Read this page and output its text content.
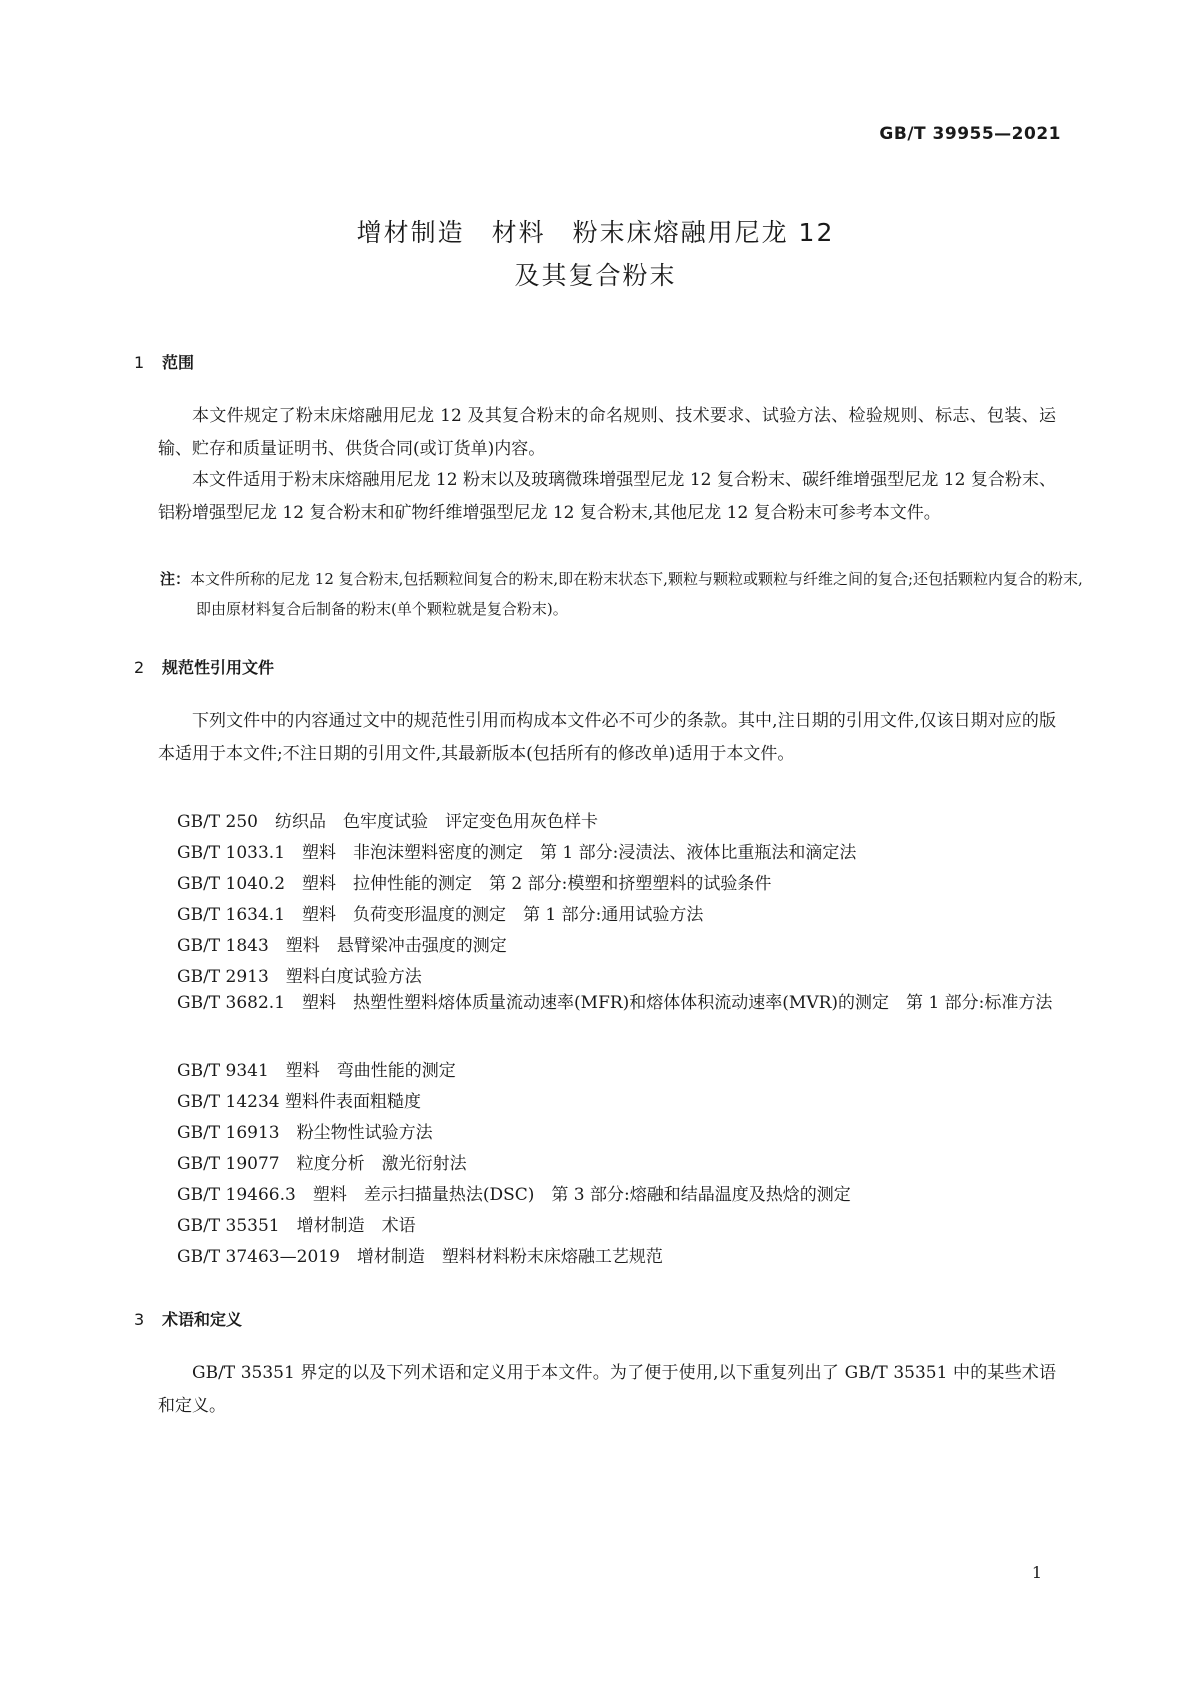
GB/T 39955—2021
增材制造　材料　粉末床熔融用尼龙 12
及其复合粉末
1 范围
本文件规定了粉末床熔融用尼龙 12 及其复合粉末的命名规则、技术要求、试验方法、检验规则、标志、包装、运输、贮存和质量证明书、供货合同(或订货单)内容。
本文件适用于粉末床熔融用尼龙 12 粉末以及玻璃微珠增强型尼龙 12 复合粉末、碳纤维增强型尼龙 12 复合粉末、铝粉增强型尼龙 12 复合粉末和矿物纤维增强型尼龙 12 复合粉末,其他尼龙 12 复合粉末可参考本文件。
注：本文件所称的尼龙 12 复合粉末,包括颗粒间复合的粉末,即在粉末状态下,颗粒与颗粒或颗粒与纤维之间的复合;还包括颗粒内复合的粉末,即由原材料复合后制备的粉末(单个颗粒就是复合粉末)。
2 规范性引用文件
下列文件中的内容通过文中的规范性引用而构成本文件必不可少的条款。其中,注日期的引用文件,仅该日期对应的版本适用于本文件;不注日期的引用文件,其最新版本(包括所有的修改单)适用于本文件。
GB/T 250　纺织品　色牢度试验　评定变色用灰色样卡
GB/T 1033.1　塑料　非泡沫塑料密度的测定　第 1 部分:浸渍法、液体比重瓶法和滴定法
GB/T 1040.2　塑料　拉伸性能的测定　第 2 部分:模塑和挤塑塑料的试验条件
GB/T 1634.1　塑料　负荷变形温度的测定　第 1 部分:通用试验方法
GB/T 1843　塑料　悬臂梁冲击强度的测定
GB/T 2913　塑料白度试验方法
GB/T 3682.1　塑料　热塑性塑料熔体质量流动速率(MFR)和熔体体积流动速率(MVR)的测定　第 1 部分:标准方法
GB/T 9341　塑料　弯曲性能的测定
GB/T 14234 塑料件表面粗糙度
GB/T 16913　粉尘物性试验方法
GB/T 19077　粒度分析　激光衍射法
GB/T 19466.3　塑料　差示扫描量热法(DSC)　第 3 部分:熔融和结晶温度及热焓的测定
GB/T 35351　增材制造　术语
GB/T 37463—2019　增材制造　塑料材料粉末床熔融工艺规范
3 术语和定义
GB/T 35351 界定的以及下列术语和定义用于本文件。为了便于使用,以下重复列出了 GB/T 35351 中的某些术语和定义。
1
